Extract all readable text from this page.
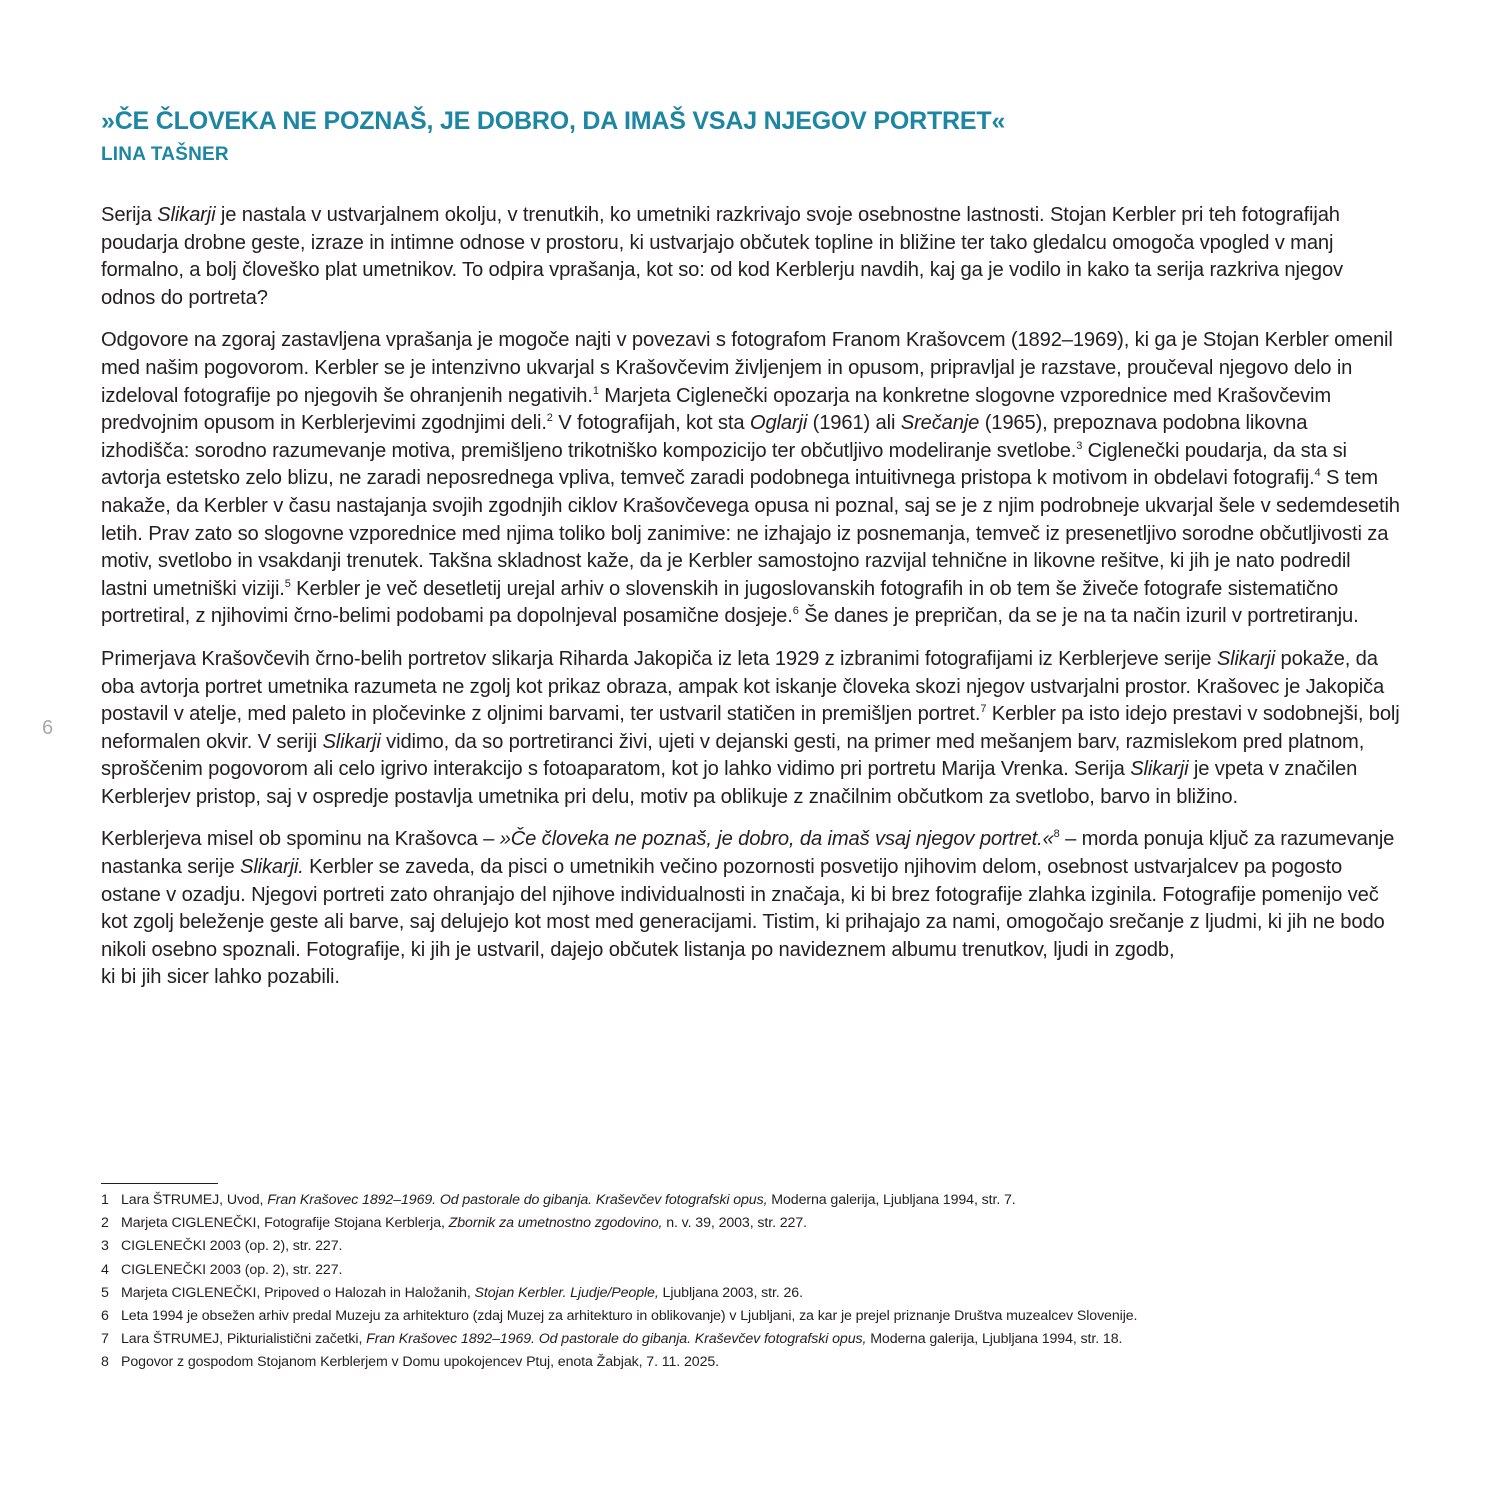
»ČE ČLOVEKA NE POZNAŠ, JE DOBRO, DA IMAŠ VSAJ NJEGOV PORTRET«
LINA TAŠNER
6

Serija Slikarji je nastala v ustvarjalnem okolju, v trenutkih, ko umetniki razkrivajo svoje osebnostne lastnosti. Stojan Kerbler pri teh fotografijah poudarja drobne geste, izraze in intimne odnose v prostoru, ki ustvarjajo občutek topline in bližine ter tako gledalcu omogoča vpogled v manj formalno, a bolj človeško plat umetnikov. To odpira vprašanja, kot so: od kod Kerblerju navdih, kaj ga je vodilo in kako ta serija razkriva njegov odnos do portreta?

Odgovore na zgoraj zastavljena vprašanja je mogoče najti v povezavi s fotografom Franom Krašovcem (1892–1969), ki ga je Stojan Kerbler omenil med našim pogovorom. Kerbler se je intenzivno ukvarjal s Krašovčevim življenjem in opusom, pripravljal je razstave, proučeval njegovo delo in izdeloval fotografije po njegovih še ohranjenih negativih.$^1$ Marjeta Ciglenečki opozarja na konkretne slogovne vzporednice med Krašovčevim predvojnim opusom in Kerblerjevimi zgodnjimi deli.$^2$ V fotografijah, kot sta Oglarji (1961) ali Srečanje (1965), prepoznava podobna likovna izhodišča: sorodno razumevanje motiva, premišljeno trikotniško kompozicijo ter občutljivo modeliranje svetlobe.$^3$ Ciglenečki poudarja, da sta si avtorja estetsko zelo blizu, ne zaradi neposrednega vpliva, temveč zaradi podobnega intuitivnega pristopa k motivom in obdelavi fotografij.$^4$ S tem nakaže, da Kerbler v času nastajanja svojih zgodnjih ciklov Krašovčevega opusa ni poznal, saj se je z njim podrobneje ukvarjal šele v sedemdesetih letih. Prav zato so slogovne vzporednice med njima toliko bolj zanimive: ne izhajajo iz posnemanja, temveč iz presenetljivo sorodne občutljivosti za motiv, svetlobo in vsakdanji trenutek. Takšna skladnost kaže, da je Kerbler samostojno razvijal tehnične in likovne rešitve, ki jih je nato podredil lastni umetniški viziji.$^5$ Kerbler je več desetletij urejal arhiv o slovenskih in jugoslovanskih fotografih in ob tem še živeče fotografe sistematično portretiral, z njihovimi črno-belimi podobami pa dopolnjeval posamične dosjeje.$^6$ Še danes je prepričan, da se je na ta način izuril v portretiranju.

Primerjava Krašovčevih črno-belih portretov slikarja Riharda Jakopiča iz leta 1929 z izbranimi fotografijami iz Kerblerjeve serije Slikarji pokaže, da oba avtorja portret umetnika razumeta ne zgolj kot prikaz obraza, ampak kot iskanje človeka skozi njegov ustvarjalni prostor. Krašovec je Jakopiča postavil v atelje, med paleto in pločevinke z oljnimi barvami, ter ustvaril statičen in premišljen portret.$^7$ Kerbler pa isto idejo prestavi v sodobnejši, bolj neformalen okvir. V seriji Slikarji vidimo, da so portretiranci živi, ujeti v dejanski gesti, na primer med mešanjem barv, razmislekom pred platnom, sproščenim pogovorom ali celo igrivo interakcijo s fotoaparatom, kot jo lahko vidimo pri portretu Marija Vrenka. Serija Slikarji je vpeta v značilen Kerblerjev pristop, saj v ospredje postavlja umetnika pri delu, motiv pa oblikuje z značilnim občutkom za svetlobo, barvo in bližino.

Kerblerjeva misel ob spominu na Krašovca – »Če človeka ne poznaš, je dobro, da imaš vsaj njegov portret.«$^8$ – morda ponuja ključ za razumevanje nastanka serije Slikarji. Kerbler se zaveda, da pisci o umetnikih večino pozornosti posvetijo njihovim delom, osebnost ustvarjalcev pa pogosto ostane v ozadju. Njegovi portreti zato ohranjajo del njihove individualnosti in značaja, ki bi brez fotografije zlahka izginila. Fotografije pomenijo več kot zgolj beleženje geste ali barve, saj delujejo kot most med generacijami. Tistim, ki prihajajo za nami, omogočajo srečanje z ljudmi, ki jih ne bodo nikoli osebno spoznali. Fotografije, ki jih je ustvaril, dajejo občutek listanja po navideznem albumu trenutkov, ljudi in zgodb,
ki bi jih sicer lahko pozabili.

1 Lara ŠTRUMEJ, Uvod, Fran Krašovec 1892–1969. Od pastorale do gibanja. Kraševčev fotografski opus, Moderna galerija, Ljubljana 1994, str. 7.
2 Marjeta CIGLENEČKI, Fotografije Stojana Kerblerja, Zbornik za umetnostno zgodovino, n. v. 39, 2003, str. 227.
3 CIGLENEČKI 2003 (op. 2), str. 227.
4 CIGLENEČKI 2003 (op. 2), str. 227.
5 Marjeta CIGLENEČKI, Pripoved o Halozah in Haložanih, Stojan Kerbler. Ljudje/People, Ljubljana 2003, str. 26.
6 Leta 1994 je obsežen arhiv predal Muzeju za arhitekturo (zdaj Muzej za arhitekturo in oblikovanje) v Ljubljani, za kar je prejel priznanje Društva muzealcev Slovenije.
7 Lara ŠTRUMEJ, Pikturialistični začetki, Fran Krašovec 1892–1969. Od pastorale do gibanja. Kraševčev fotografski opus, Moderna galerija, Ljubljana 1994, str. 18.
8 Pogovor z gospodom Stojanom Kerblerjem v Domu upokojencev Ptuj, enota Žabjak, 7. 11. 2025.
